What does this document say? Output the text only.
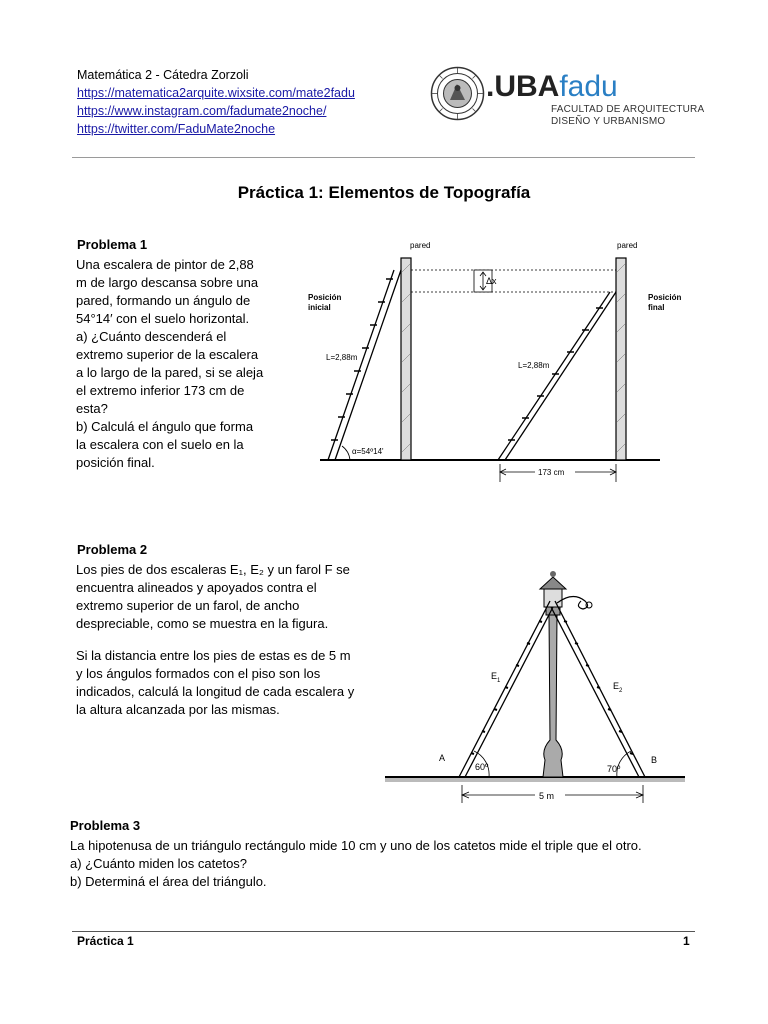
Matemática 2 - Cátedra Zorzoli
https://matematica2arquite.wixsite.com/mate2fadu
https://www.instagram.com/fadumate2noche/
https://twitter.com/FaduMate2noche
.UBAfadu
FACULTAD DE ARQUITECTURA
DISEÑO Y URBANISMO
Práctica 1: Elementos de Topografía
Problema 1
Una escalera de pintor de 2,88
m de largo descansa sobre una
pared, formando un ángulo de
54°14′ con el suelo horizontal.
a) ¿Cuánto descenderá el
extremo superior de la escalera
a lo largo de la pared, si se aleja
el extremo inferior 173 cm de
esta?
b) Calculá el ángulo que forma
la escalera con el suelo en la
posición final.
pared	pared
Posición
inicial
Posición
final
Δx
L=2,88m
L=2,88m
α=54º14'
173 cm
Problema 2
Los pies de dos escaleras E₁, E₂ y un farol F se
encuentra alineados y apoyados contra el
extremo superior de un farol, de ancho
despreciable, como se muestra en la figura.
Si la distancia entre los pies de estas es de 5 m
y los ángulos formados con el piso son los
indicados, calculá la longitud de cada escalera y
la altura alcanzada por las mismas.
$E_1$	$E_2$
A	B
60º	70º
5 m
Problema 3
La hipotenusa de un triángulo rectángulo mide 10 cm y uno de los catetos mide el triple que el otro.
a) ¿Cuánto miden los catetos?
b) Determiná el área del triángulo.
Práctica 1	1
